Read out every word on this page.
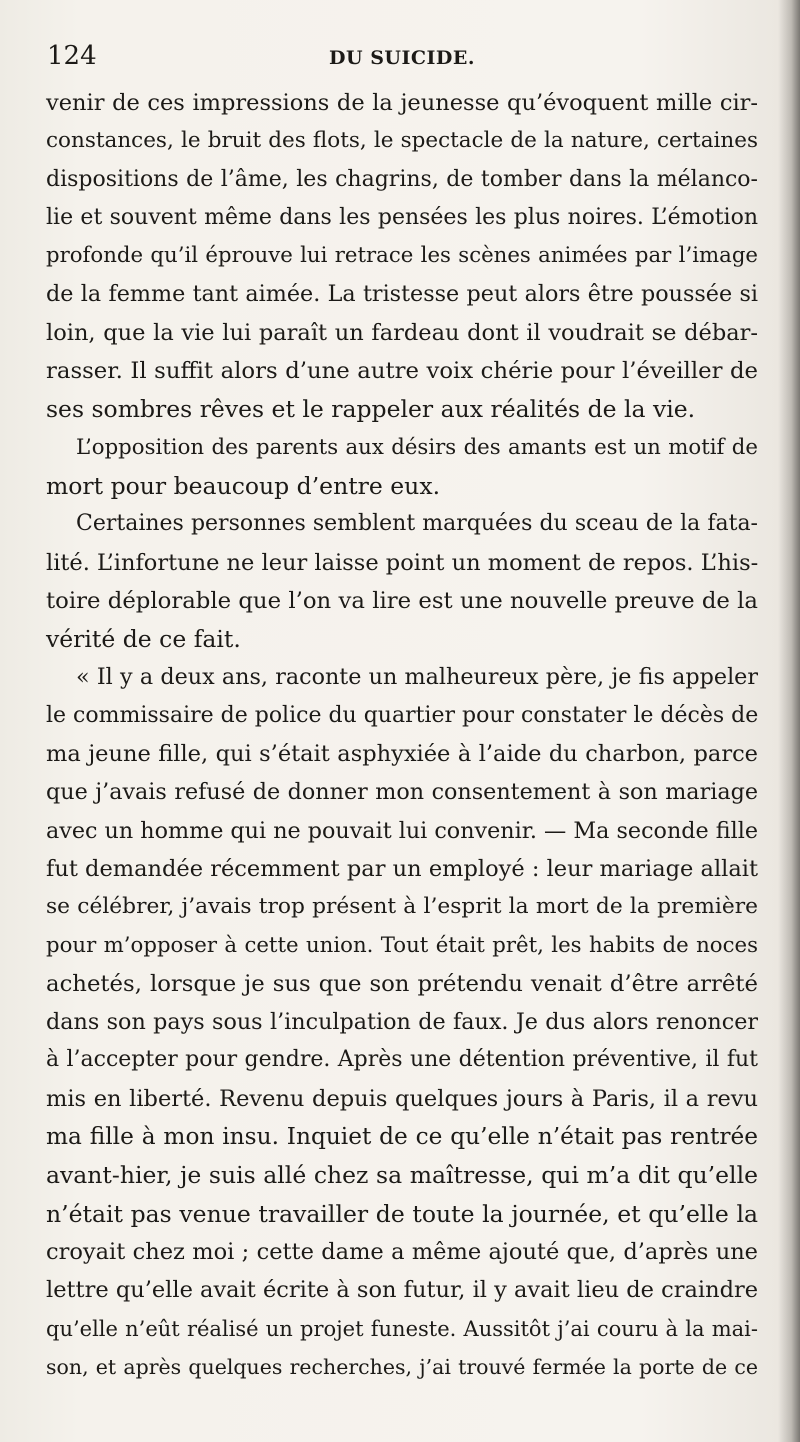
124	DU SUICIDE.
venir de ces impressions de la jeunesse qu’évoquent mille cir-
constances, le bruit des flots, le spectacle de la nature, certaines
dispositions de l’âme, les chagrins, de tomber dans la mélanco-
lie et souvent même dans les pensées les plus noires. L’émotion
profonde qu’il éprouve lui retrace les scènes animées par l’image
de la femme tant aimée. La tristesse peut alors être poussée si
loin, que la vie lui paraît un fardeau dont il voudrait se débar-
rasser. Il suffit alors d’une autre voix chérie pour l’éveiller de
ses sombres rêves et le rappeler aux réalités de la vie.
L’opposition des parents aux désirs des amants est un motif de
mort pour beaucoup d’entre eux.
Certaines personnes semblent marquées du sceau de la fata-
lité. L’infortune ne leur laisse point un moment de repos. L’his-
toire déplorable que l’on va lire est une nouvelle preuve de la
vérité de ce fait.
« Il y a deux ans, raconte un malheureux père, je fis appeler
le commissaire de police du quartier pour constater le décès de
ma jeune fille, qui s’était asphyxiée à l’aide du charbon, parce
que j’avais refusé de donner mon consentement à son mariage
avec un homme qui ne pouvait lui convenir. — Ma seconde fille
fut demandée récemment par un employé : leur mariage allait
se célébrer, j’avais trop présent à l’esprit la mort de la première
pour m’opposer à cette union. Tout était prêt, les habits de noces
achetés, lorsque je sus que son prétendu venait d’être arrêté
dans son pays sous l’inculpation de faux. Je dus alors renoncer
à l’accepter pour gendre. Après une détention préventive, il fut
mis en liberté. Revenu depuis quelques jours à Paris, il a revu
ma fille à mon insu. Inquiet de ce qu’elle n’était pas rentrée
avant-hier, je suis allé chez sa maîtresse, qui m’a dit qu’elle
n’était pas venue travailler de toute la journée, et qu’elle la
croyait chez moi ; cette dame a même ajouté que, d’après une
lettre qu’elle avait écrite à son futur, il y avait lieu de craindre
qu’elle n’eût réalisé un projet funeste. Aussitôt j’ai couru à la mai-
son, et après quelques recherches, j’ai trouvé fermée la porte de ce
